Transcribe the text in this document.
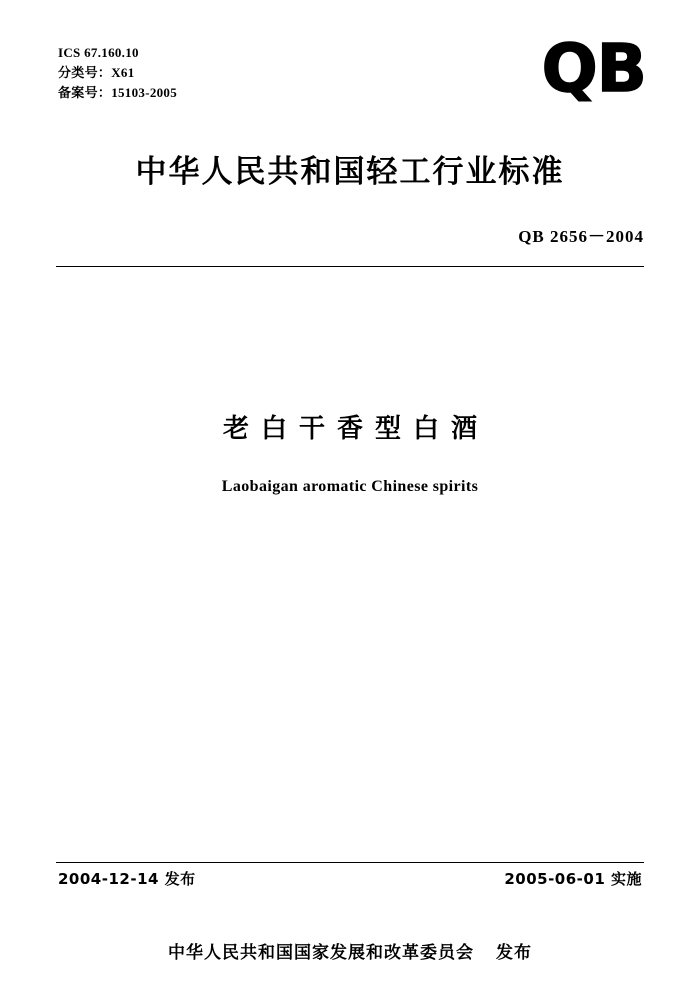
ICS 67.160.10
分类号：X61
备案号：15103-2005	QB
中华人民共和国轻工行业标准
QB 2656－2004
老白干香型白酒
Laobaigan aromatic Chinese spirits
2004-12-14 发布	2005-06-01 实施
中华人民共和国国家发展和改革委员会 发布
